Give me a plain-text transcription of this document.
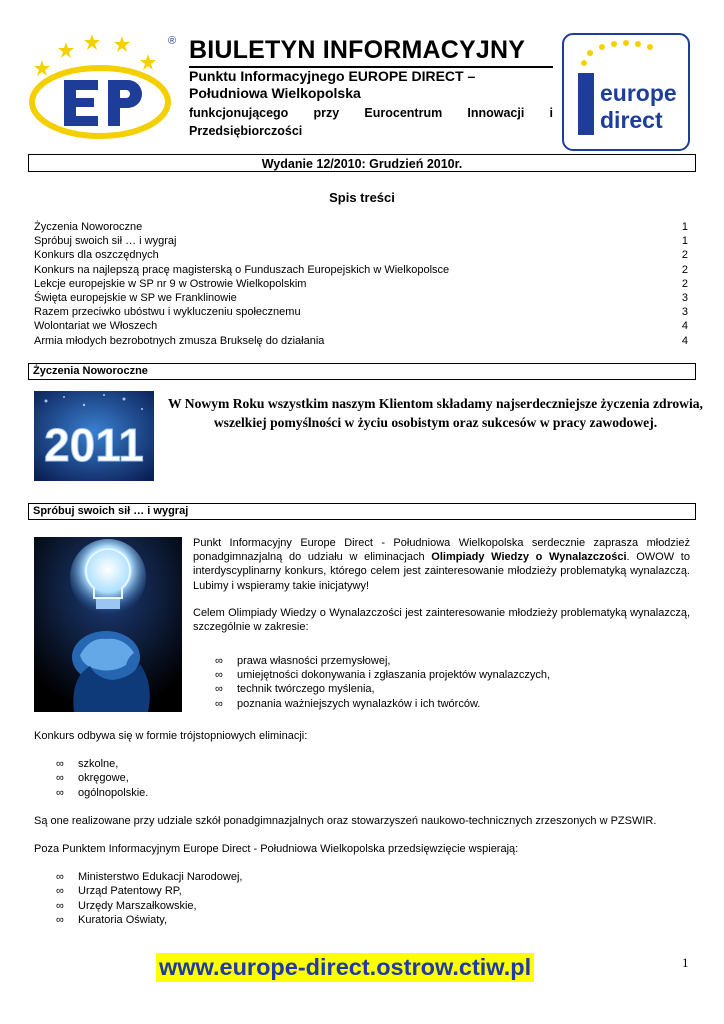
® BIULETYN INFORMACYJNY
Punktu Informacyjnego EUROPE DIRECT –
Południowa Wielkopolska
funkcjonującego przy Eurocentrum Innowacji i Przedsiębiorczości
europe
direct
Wydanie 12/2010: Grudzień 2010r.
Spis treści
Życzenia Noworoczne	1
Spróbuj swoich sił … i wygraj	1
Konkurs dla oszczędnych	2
Konkurs na najlepszą pracę magisterską o Funduszach Europejskich w Wielkopolsce	2
Lekcje europejskie w SP nr 9 w Ostrowie Wielkopolskim	2
Święta europejskie w SP we Franklinowie	3
Razem przeciwko ubóstwu i wykluczeniu społecznemu	3
Wolontariat we Włoszech	4
Armia młodych bezrobotnych zmusza Brukselę do działania	4
Życzenia Noworoczne
2011
W Nowym Roku wszystkim naszym Klientom składamy najserdeczniejsze życzenia zdrowia, wszelkiej pomyślności w życiu osobistym oraz sukcesów w pracy zawodowej.
Spróbuj swoich sił … i wygraj

Punkt Informacyjny Europe Direct - Południowa Wielkopolska serdecznie zaprasza młodzież ponadgimnazjalną do udziału w eliminacjach Olimpiady Wiedzy o Wynalazczości. OWOW to interdyscyplinarny konkurs, którego celem jest zainteresowanie młodzieży problematyką wynalazczą. Lubimy i wspieramy takie inicjatywy!

Celem Olimpiady Wiedzy o Wynalazczości jest zainteresowanie młodzieży problematyką wynalazczą, szczególnie w zakresie:

∞ prawa własności przemysłowej,
∞ umiejętności dokonywania i zgłaszania projektów wynalazczych,
∞ technik twórczego myślenia,
∞ poznania ważniejszych wynalazków i ich twórców.

Konkurs odbywa się w formie trójstopniowych eliminacji:

∞ szkolne,
∞ okręgowe,
∞ ogólnopolskie.

Są one realizowane przy udziale szkół ponadgimnazjalnych oraz stowarzyszeń naukowo-technicznych zrzeszonych w PZSWIR.

Poza Punktem Informacyjnym Europe Direct - Południowa Wielkopolska przedsięwzięcie wspierają:

∞ Ministerstwo Edukacji Narodowej,
∞ Urząd Patentowy RP,
∞ Urzędy Marszałkowskie,
∞ Kuratoria Oświaty,
www.europe-direct.ostrow.ctiw.pl	1
